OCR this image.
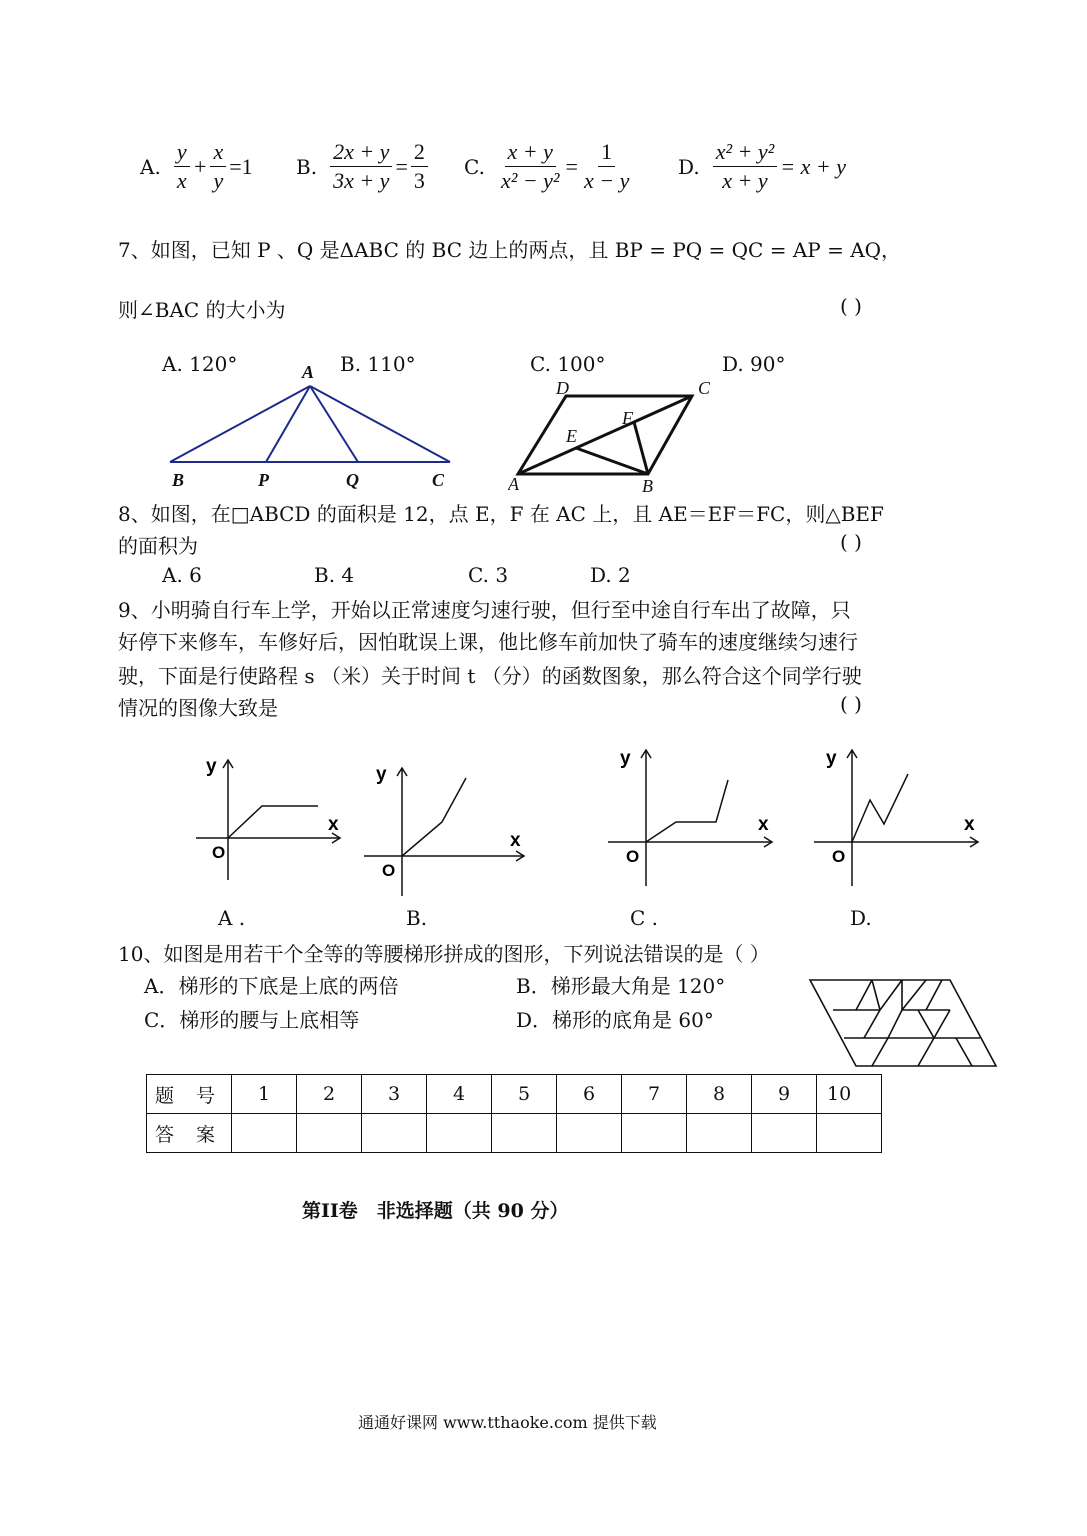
A. $\frac{y}{x} + \frac{x}{y} =1$ B. $\frac{2x + y}{3x + y} = \frac{2}{3} C$. $\frac{x + y}{\text{x² − y²}} = \frac{1}{x - y} D$. $\frac{\text{x² + y²}}{x + y} = x + y$
7、如图，已知 P 、Q 是ΔABC 的 BC 边上的两点，且 BP = PQ = QC = AP = AQ，
则∠BAC 的大小为	( )
A. 120°	B. 110°	C. 100°	D. 90°
A
B	P	Q	C	A	B
C
D
E
F
8、如图，在□ABCD 的面积是 12，点 E，F 在 AC 上，且 AE＝EF＝FC，则△BEF
的面积为	( )
A. 6	B. 4	C. 3	D. 2
9、小明骑自行车上学，开始以正常速度匀速行驶，但行至中途自行车出了故障，只
好停下来修车，车修好后，因怕耽误上课，他比修车前加快了骑车的速度继续匀速行
驶，下面是行使路程 s （米）关于时间 t （分）的函数图象，那么符合这个同学行驶
情况的图像大致是	( )
y
x
O
y
x
O
y
x
O
y
x
O
A .	B.	C .	D.
10、如图是用若干个全等的等腰梯形拼成的图形，下列说法错误的是（ ）
A．梯形的下底是上底的两倍	B．梯形最大角是 120°
C．梯形的腰与上底相等	D．梯形的底角是 60°
题 号	1	2	3	4	5	6	7	8	9	10
答 案										
第II卷　非选择题（共 90 分）
通通好课网 www.tthaoke.com 提供下载
